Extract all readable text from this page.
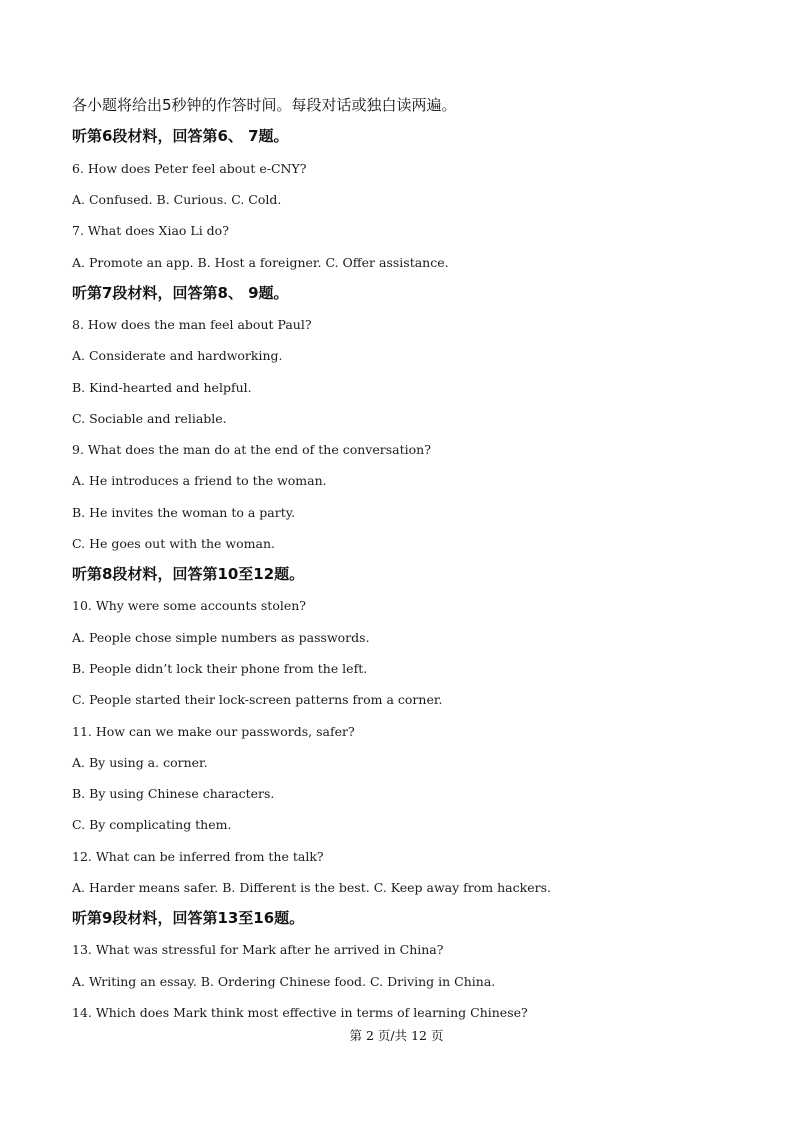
各小题将给出5秒钟的作答时间。每段对话或独白读两遍。
听第6段材料，回答第6、 7题。
6. How does Peter feel about e-CNY?
A. Confused. B. Curious. C. Cold.
7. What does Xiao Li do?
A. Promote an app. B. Host a foreigner. C. Offer assistance.
听第7段材料，回答第8、 9题。
8. How does the man feel about Paul?
A. Considerate and hardworking.
B. Kind-hearted and helpful.
C. Sociable and reliable.
9. What does the man do at the end of the conversation?
A. He introduces a friend to the woman.
B. He invites the woman to a party.
C. He goes out with the woman.
听第8段材料，回答第10至12题。
10. Why were some accounts stolen?
A. People chose simple numbers as passwords.
B. People didn’t lock their phone from the left.
C. People started their lock-screen patterns from a corner.
11. How can we make our passwords, safer?
A. By using a. corner.
B. By using Chinese characters.
C. By complicating them.
12. What can be inferred from the talk?
A. Harder means safer. B. Different is the best. C. Keep away from hackers.
听第9段材料，回答第13至16题。
13. What was stressful for Mark after he arrived in China?
A. Writing an essay. B. Ordering Chinese food. C. Driving in China.
14. Which does Mark think most effective in terms of learning Chinese?
第 2 页/共 12 页
